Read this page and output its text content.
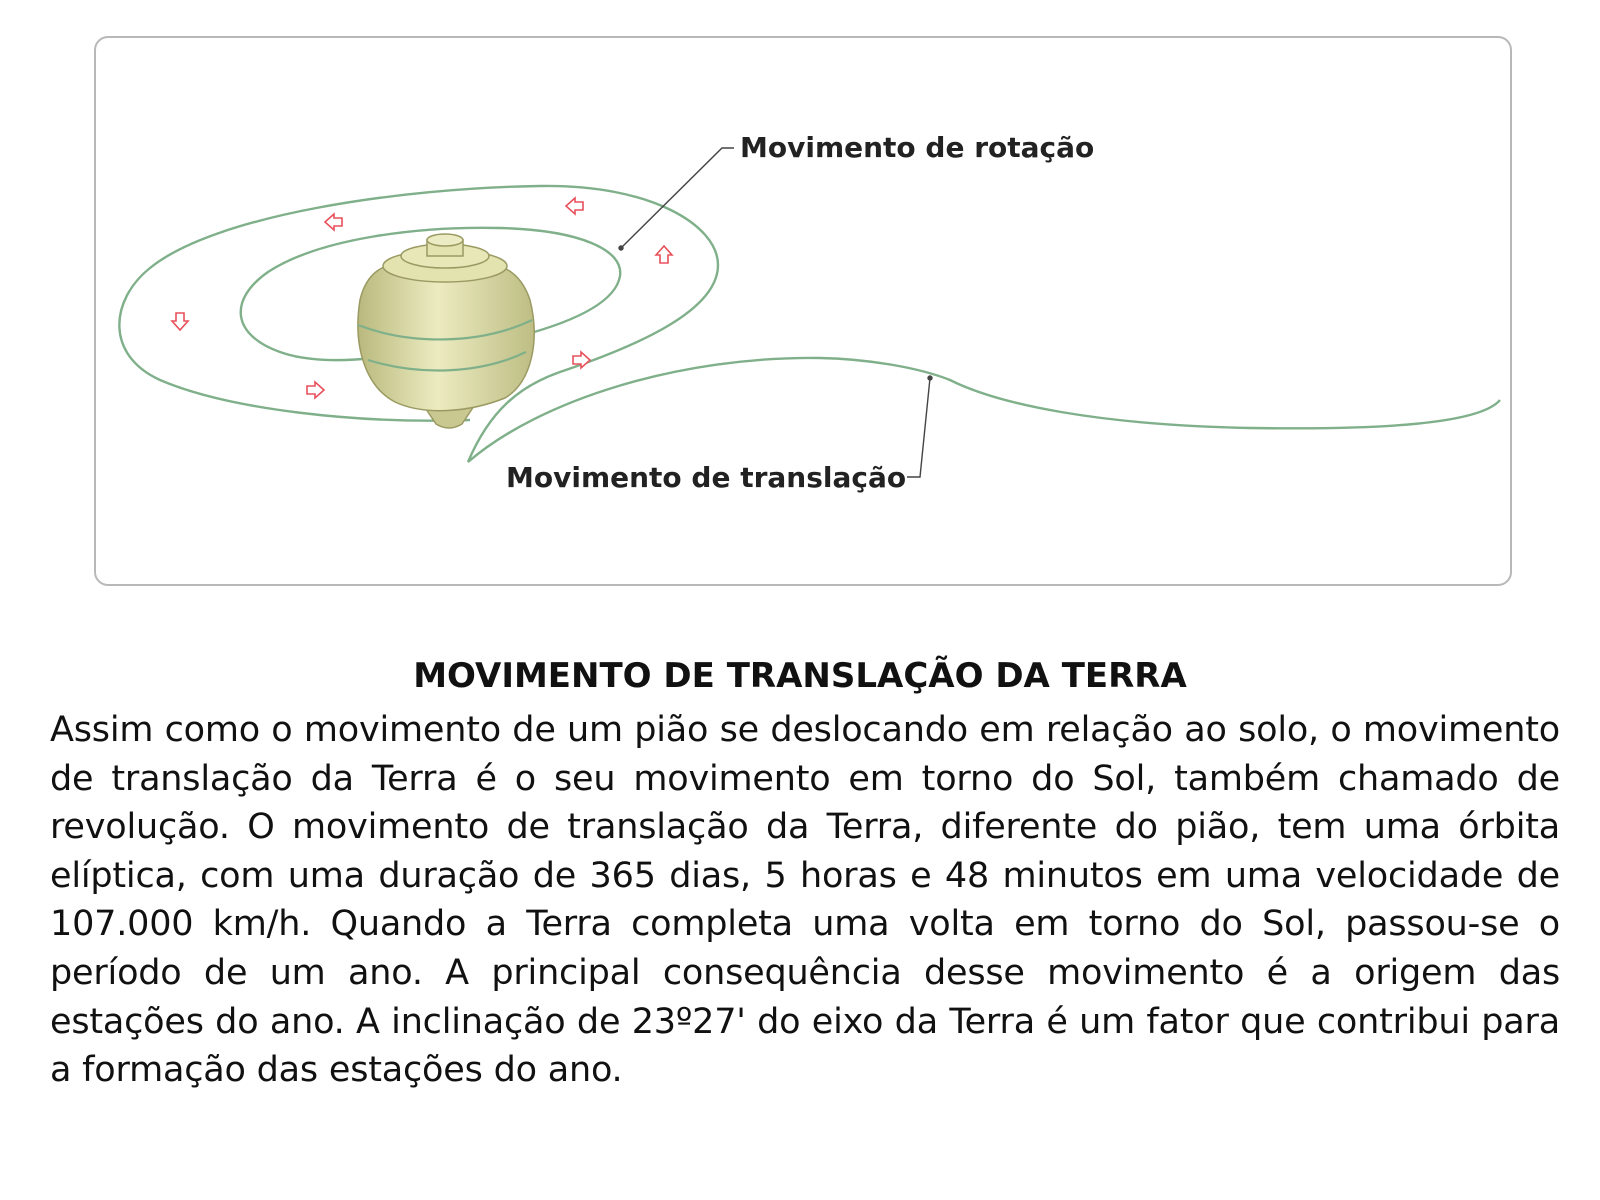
Movimento de rotação
Movimento de translação
MOVIMENTO DE TRANSLAÇÃO DA TERRA

Assim como o movimento de um pião se deslocando em relação ao solo, o movimento de translação da Terra é o seu movimento em torno do Sol, também chamado de revolução. O movimento de translação da Terra, diferente do pião, tem uma órbita elíptica, com uma duração de 365 dias, 5 horas e 48 minutos em uma velocidade de 107.000 km/h. Quando a Terra completa uma volta em torno do Sol, passou-se o período de um ano. A principal consequência desse movimento é a origem das estações do ano. A inclinação de 23º27' do eixo da Terra é um fator que contribui para a formação das estações do ano.
